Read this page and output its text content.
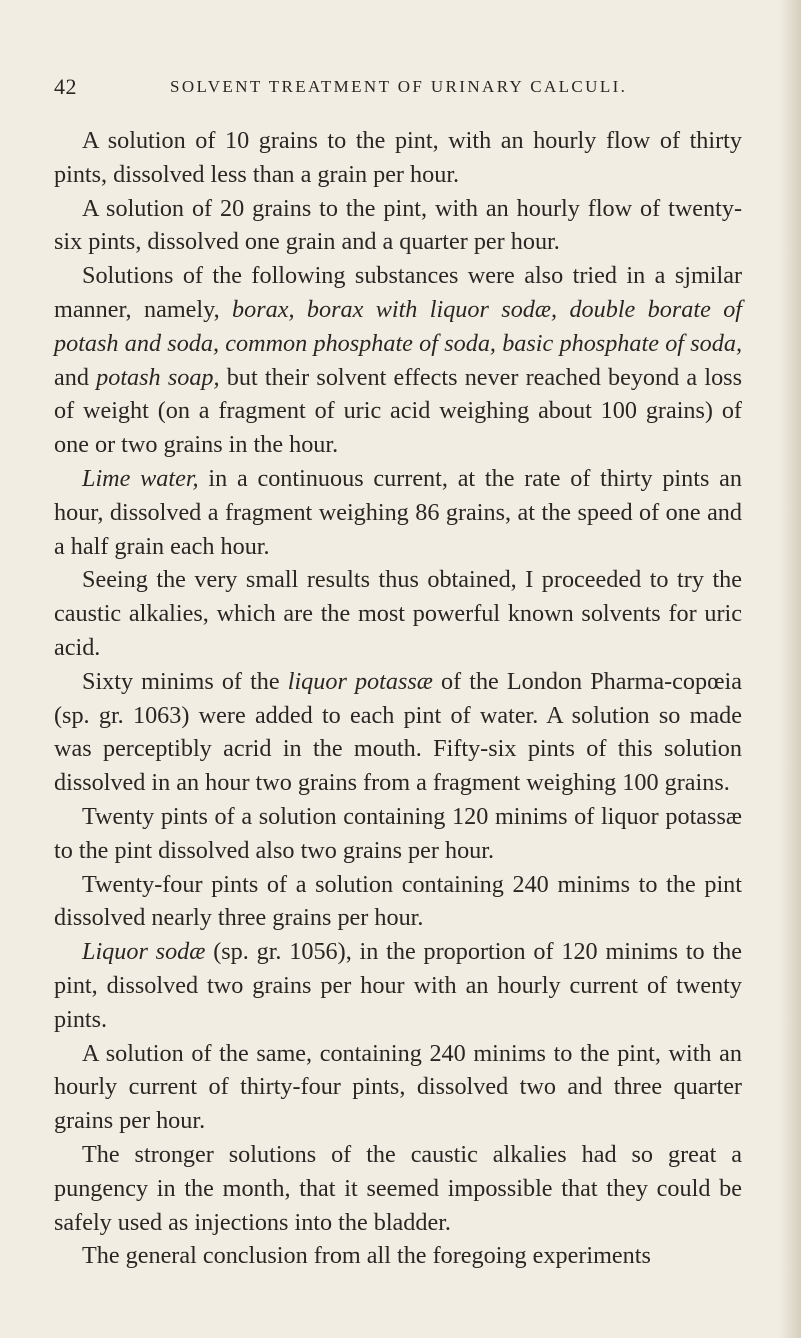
42	SOLVENT TREATMENT OF URINARY CALCULI.

A solution of 10 grains to the pint, with an hourly flow of thirty pints, dissolved less than a grain per hour.

A solution of 20 grains to the pint, with an hourly flow of twenty-six pints, dissolved one grain and a quarter per hour.

Solutions of the following substances were also tried in a sjmilar manner, namely, borax, borax with liquor sodæ, double borate of potash and soda, common phosphate of soda, basic phosphate of soda, and potash soap, but their solvent effects never reached beyond a loss of weight (on a fragment of uric acid weighing about 100 grains) of one or two grains in the hour.

Lime water, in a continuous current, at the rate of thirty pints an hour, dissolved a fragment weighing 86 grains, at the speed of one and a half grain each hour.

Seeing the very small results thus obtained, I proceeded to try the caustic alkalies, which are the most powerful known solvents for uric acid.

Sixty minims of the liquor potassæ of the London Pharma-copœia (sp. gr. 1063) were added to each pint of water. A solution so made was perceptibly acrid in the mouth. Fifty-six pints of this solution dissolved in an hour two grains from a fragment weighing 100 grains.

Twenty pints of a solution containing 120 minims of liquor potassæ to the pint dissolved also two grains per hour.

Twenty-four pints of a solution containing 240 minims to the pint dissolved nearly three grains per hour.

Liquor sodæ (sp. gr. 1056), in the proportion of 120 minims to the pint, dissolved two grains per hour with an hourly current of twenty pints.

A solution of the same, containing 240 minims to the pint, with an hourly current of thirty-four pints, dissolved two and three quarter grains per hour.

The stronger solutions of the caustic alkalies had so great a pungency in the month, that it seemed impossible that they could be safely used as injections into the bladder.

The general conclusion from all the foregoing experiments
